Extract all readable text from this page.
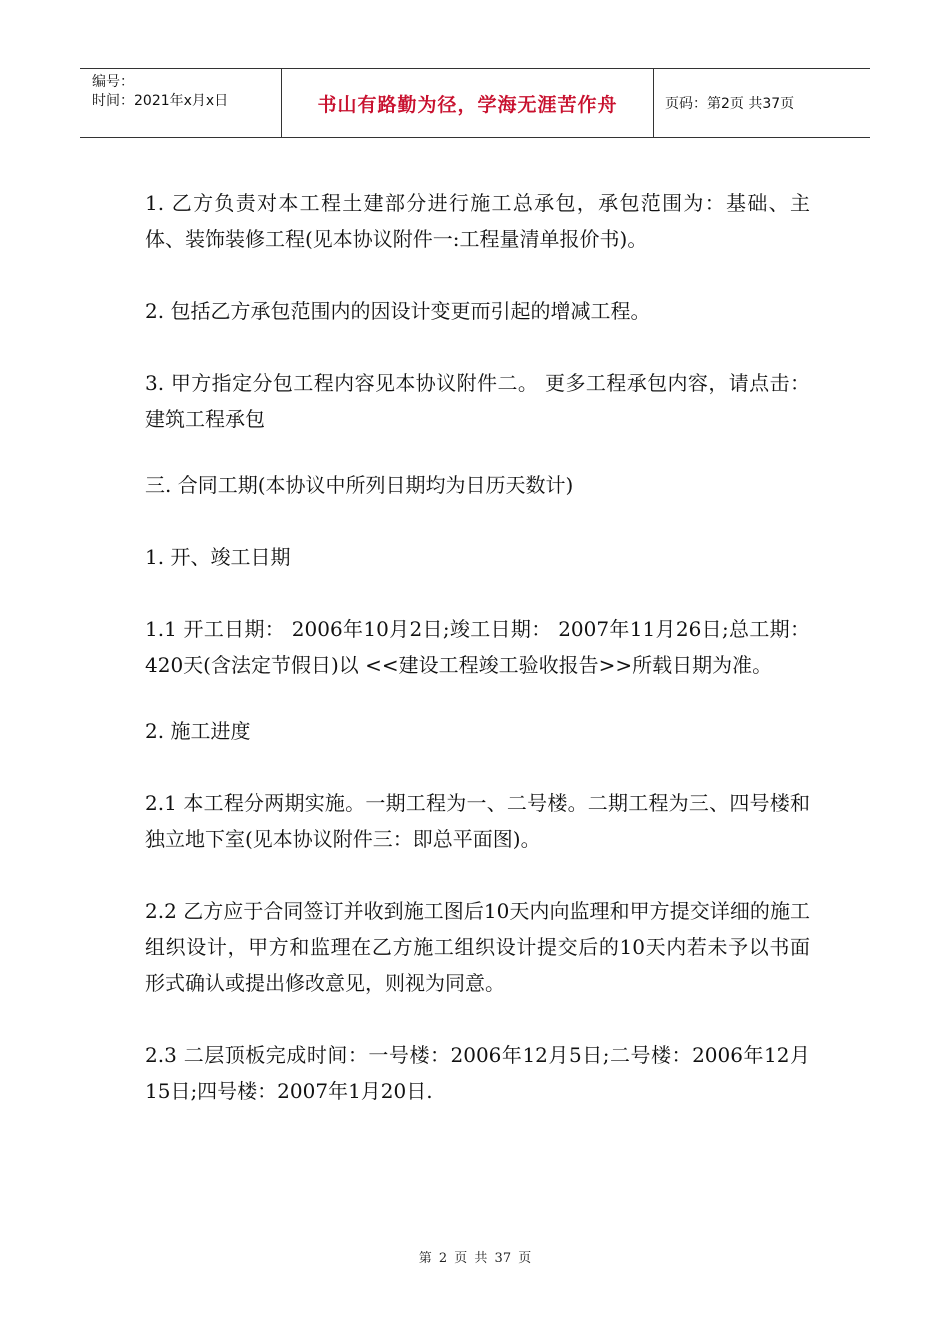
编号：
时间：2021年x月x日	书山有路勤为径，学海无涯苦作舟	页码：第2页 共37页

1. 乙方负责对本工程土建部分进行施工总承包，承包范围为：基础、主体、装饰装修工程(见本协议附件一:工程量清单报价书)。

2. 包括乙方承包范围内的因设计变更而引起的增减工程。

3. 甲方指定分包工程内容见本协议附件二。 更多工程承包内容，请点击：建筑工程承包

三. 合同工期(本协议中所列日期均为日历天数计)

1. 开、竣工日期

1.1 开工日期： 2006年10月2日;竣工日期： 2007年11月26日;总工期：420天(含法定节假日)以 <<建设工程竣工验收报告>>所载日期为准。

2. 施工进度

2.1 本工程分两期实施。一期工程为一、二号楼。二期工程为三、四号楼和独立地下室(见本协议附件三：即总平面图)。

2.2 乙方应于合同签订并收到施工图后10天内向监理和甲方提交详细的施工组织设计，甲方和监理在乙方施工组织设计提交后的10天内若未予以书面形式确认或提出修改意见，则视为同意。

2.3 二层顶板完成时间：一号楼：2006年12月5日;二号楼：2006年12月15日;四号楼：2007年1月20日.

第 2 页 共 37 页
